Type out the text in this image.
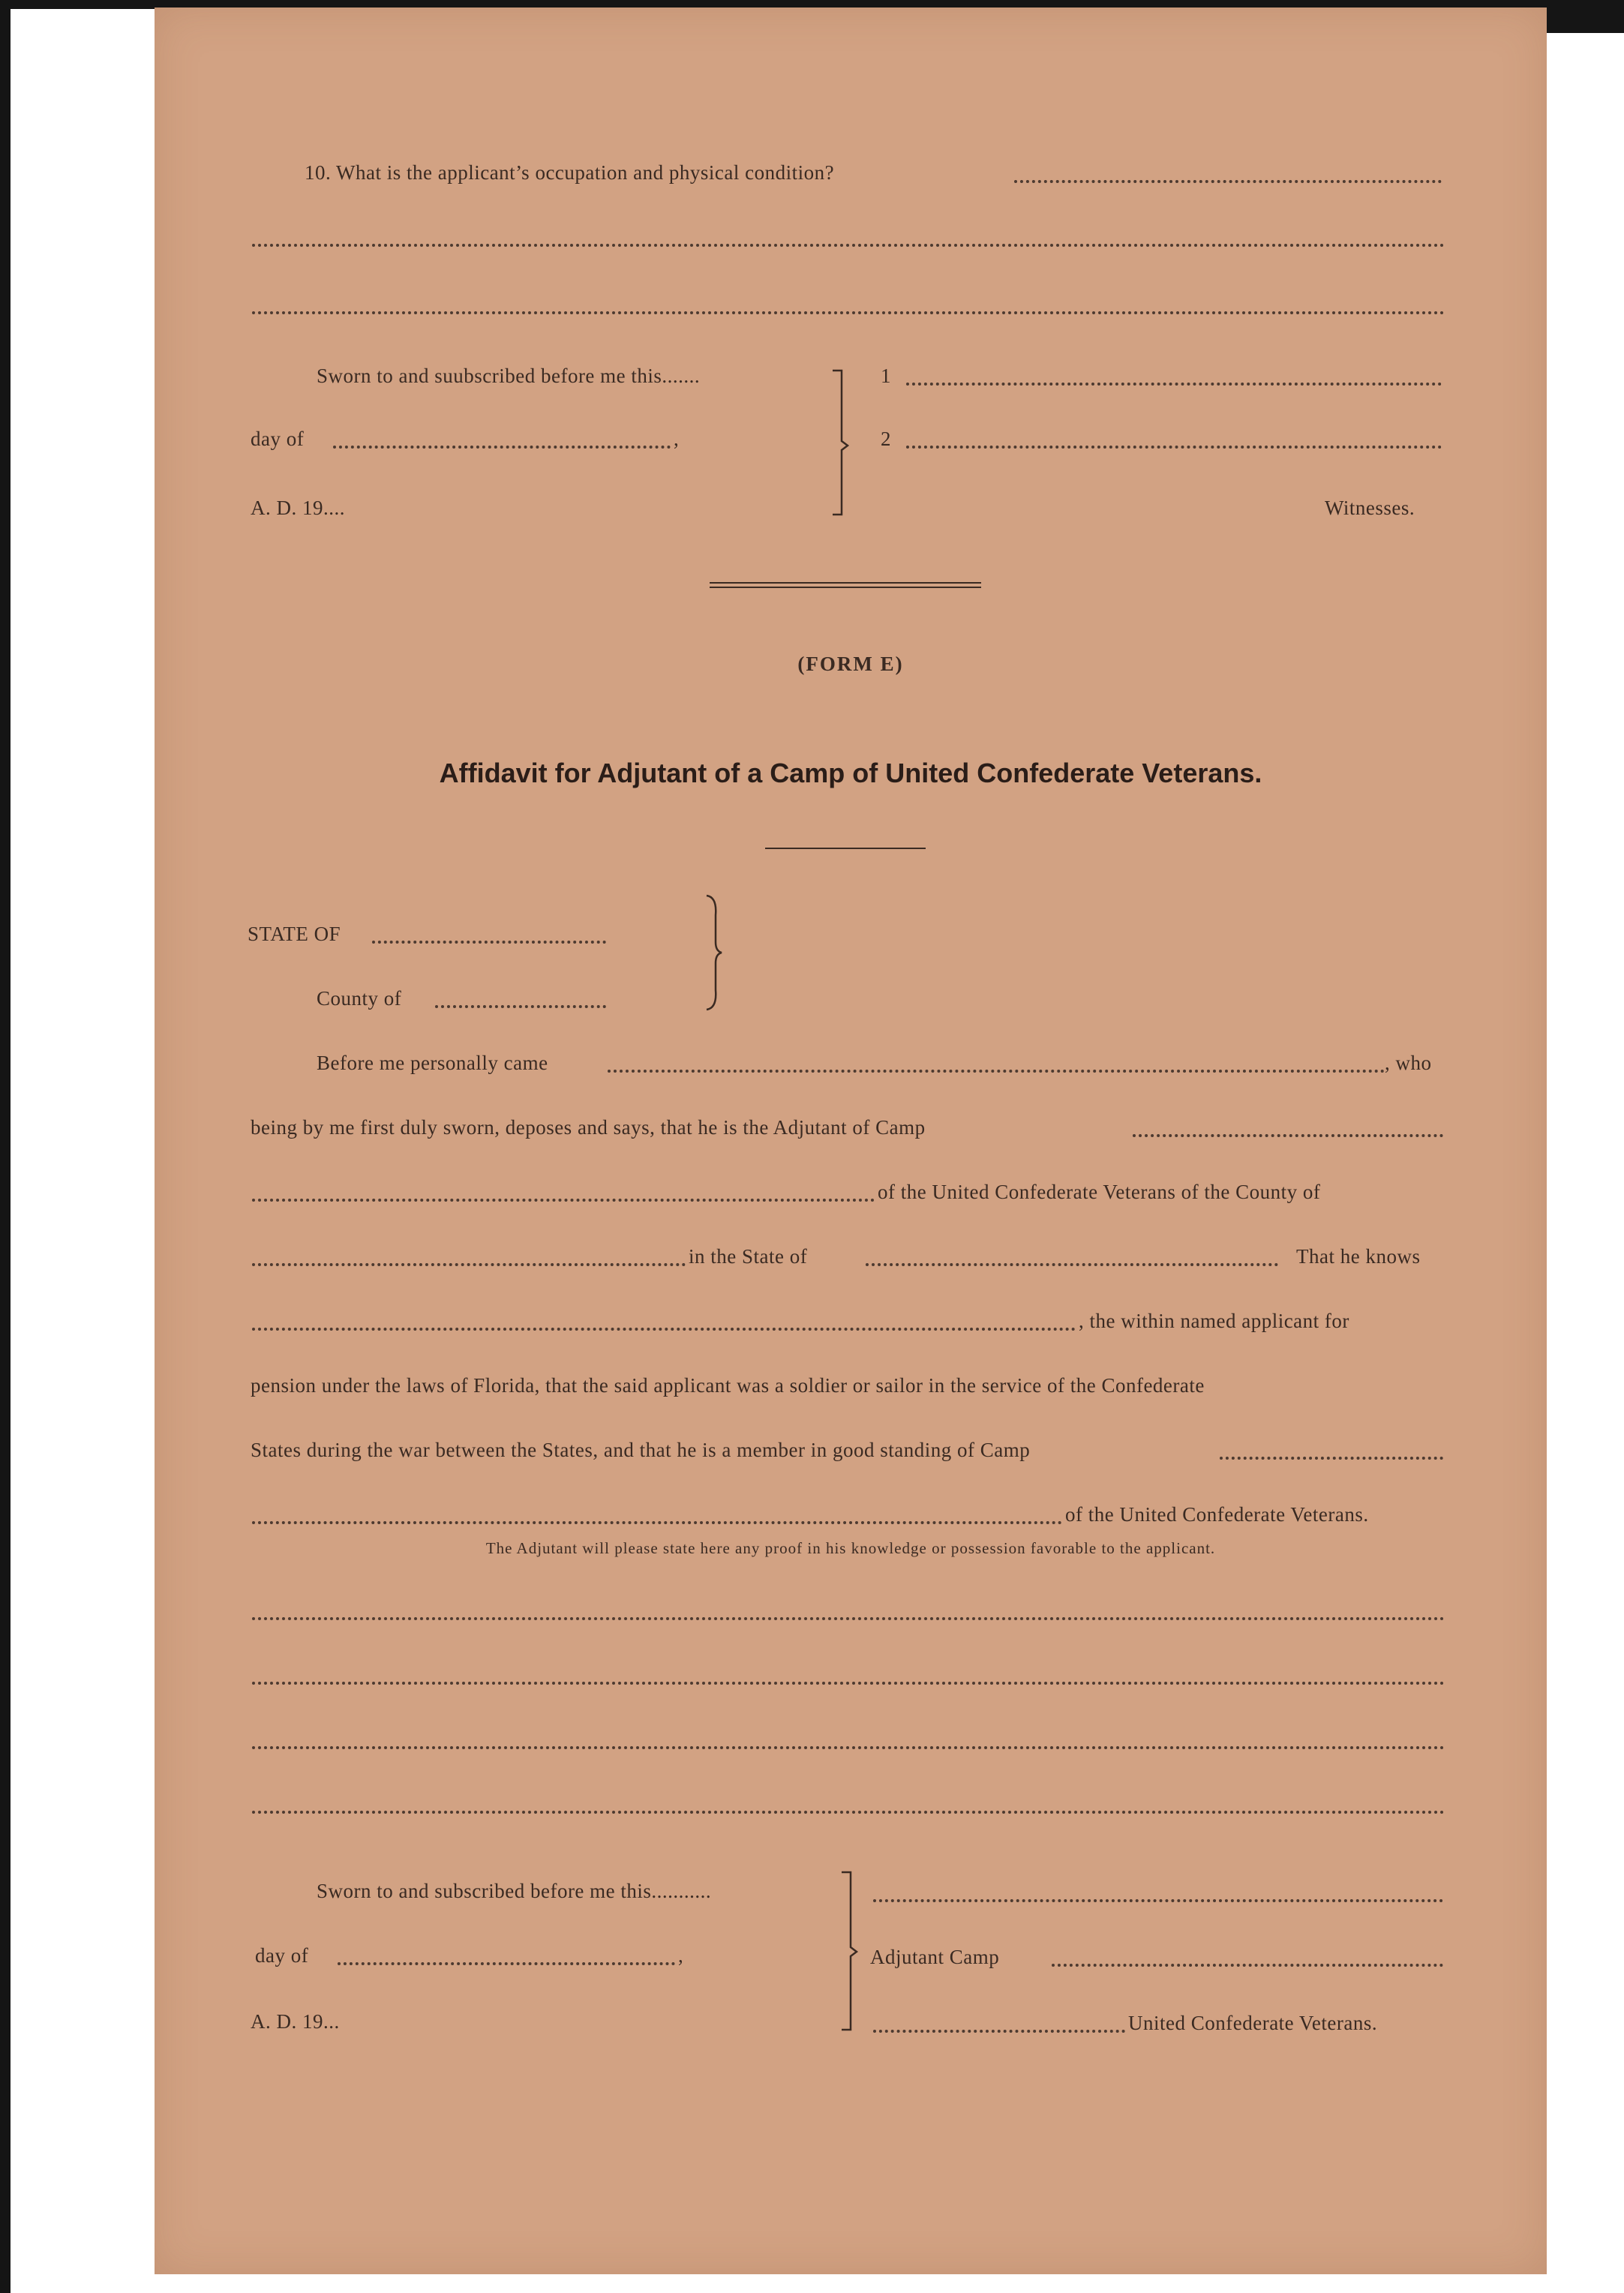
10. What is the applicant’s occupation and physical condition?
Sworn to and suubscribed before me this.......
day of	,
A. D. 19....
1
2
Witnesses.
(FORM E)
Affidavit for Adjutant of a Camp of United Confederate Veterans.
STATE OF
County of
Before me personally came	, who
being by me first duly sworn, deposes and says, that he is the Adjutant of Camp
of the United Confederate Veterans of the County of
in the State of	That he knows
, the within named applicant for
pension under the laws of Florida, that the said applicant was a soldier or sailor in the service of the Confederate
States during the war between the States, and that he is a member in good standing of Camp
of the United Confederate Veterans.
The Adjutant will please state here any proof in his knowledge or possession favorable to the applicant.
Sworn to and subscribed before me this...........
day of	,
A. D. 19...
Adjutant Camp
United Confederate Veterans.
